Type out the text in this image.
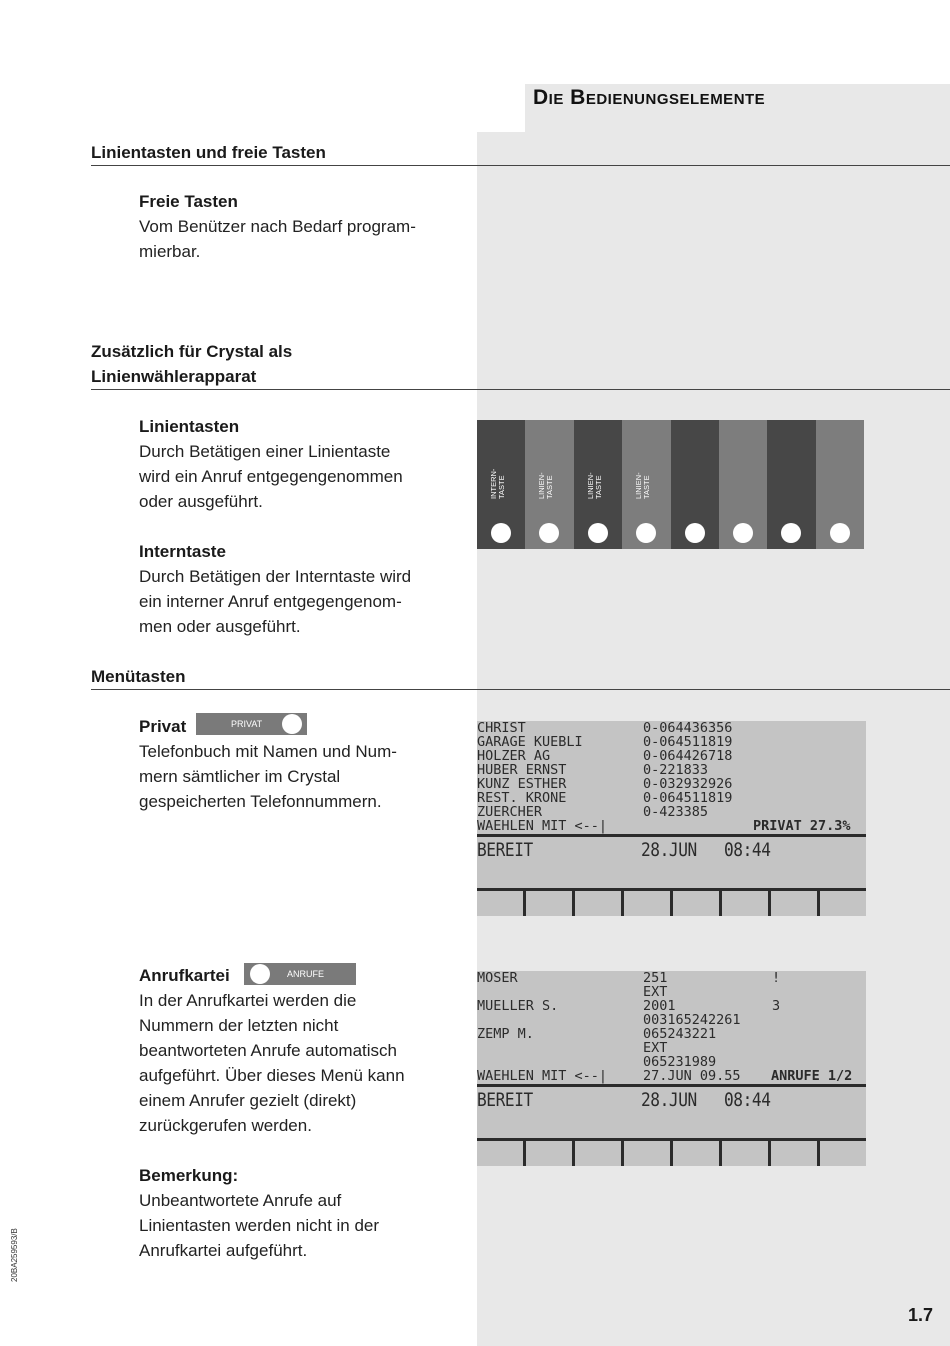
Die Bedienungselemente
Linientasten und freie Tasten
Freie Tasten
Vom Benützer nach Bedarf program-
mierbar.
Zusätzlich für Crystal als
Linienwählerapparat
Linientasten
Durch Betätigen einer Linientaste
wird ein Anruf entgegengenommen
oder ausgeführt.
Interntaste
Durch Betätigen der Interntaste wird
ein interner Anruf entgegengenom-
men oder ausgeführt.
INTERN-
TASTE	LINIEN-
TASTE	LINIEN-
TASTE	LINIEN-
TASTE
Menütasten
Privat	PRIVAT
Telefonbuch mit Namen und Num-
mern sämtlicher im Crystal
gespeicherten Telefonnummern.
CHRIST	0-064436356
GARAGE KUEBLI	0-064511819
HOLZER AG	0-064426718
HUBER ERNST	0-221833
KUNZ ESTHER	0-032932926
REST. KRONE	0-064511819
ZUERCHER	0-423385
WAEHLEN MIT <--|	PRIVAT 27.3%
BEREIT	28.JUN 08:44
Anrufkartei	ANRUFE
In der Anrufkartei werden die
Nummern der letzten nicht
beantworteten Anrufe automatisch
aufgeführt. Über dieses Menü kann
einem Anrufer gezielt (direkt)
zurückgerufen werden.
Bemerkung:
Unbeantwortete Anrufe auf
Linientasten werden nicht in der
Anrufkartei aufgeführt.
MOSER	251	!
EXT
MUELLER S.	2001	3
003165242261
ZEMP M.	065243221
EXT
065231989
WAEHLEN MIT <--|	27.JUN 09.55 ANRUFE 1/2
BEREIT	28.JUN 08:44
20BA259593/B
1.7
